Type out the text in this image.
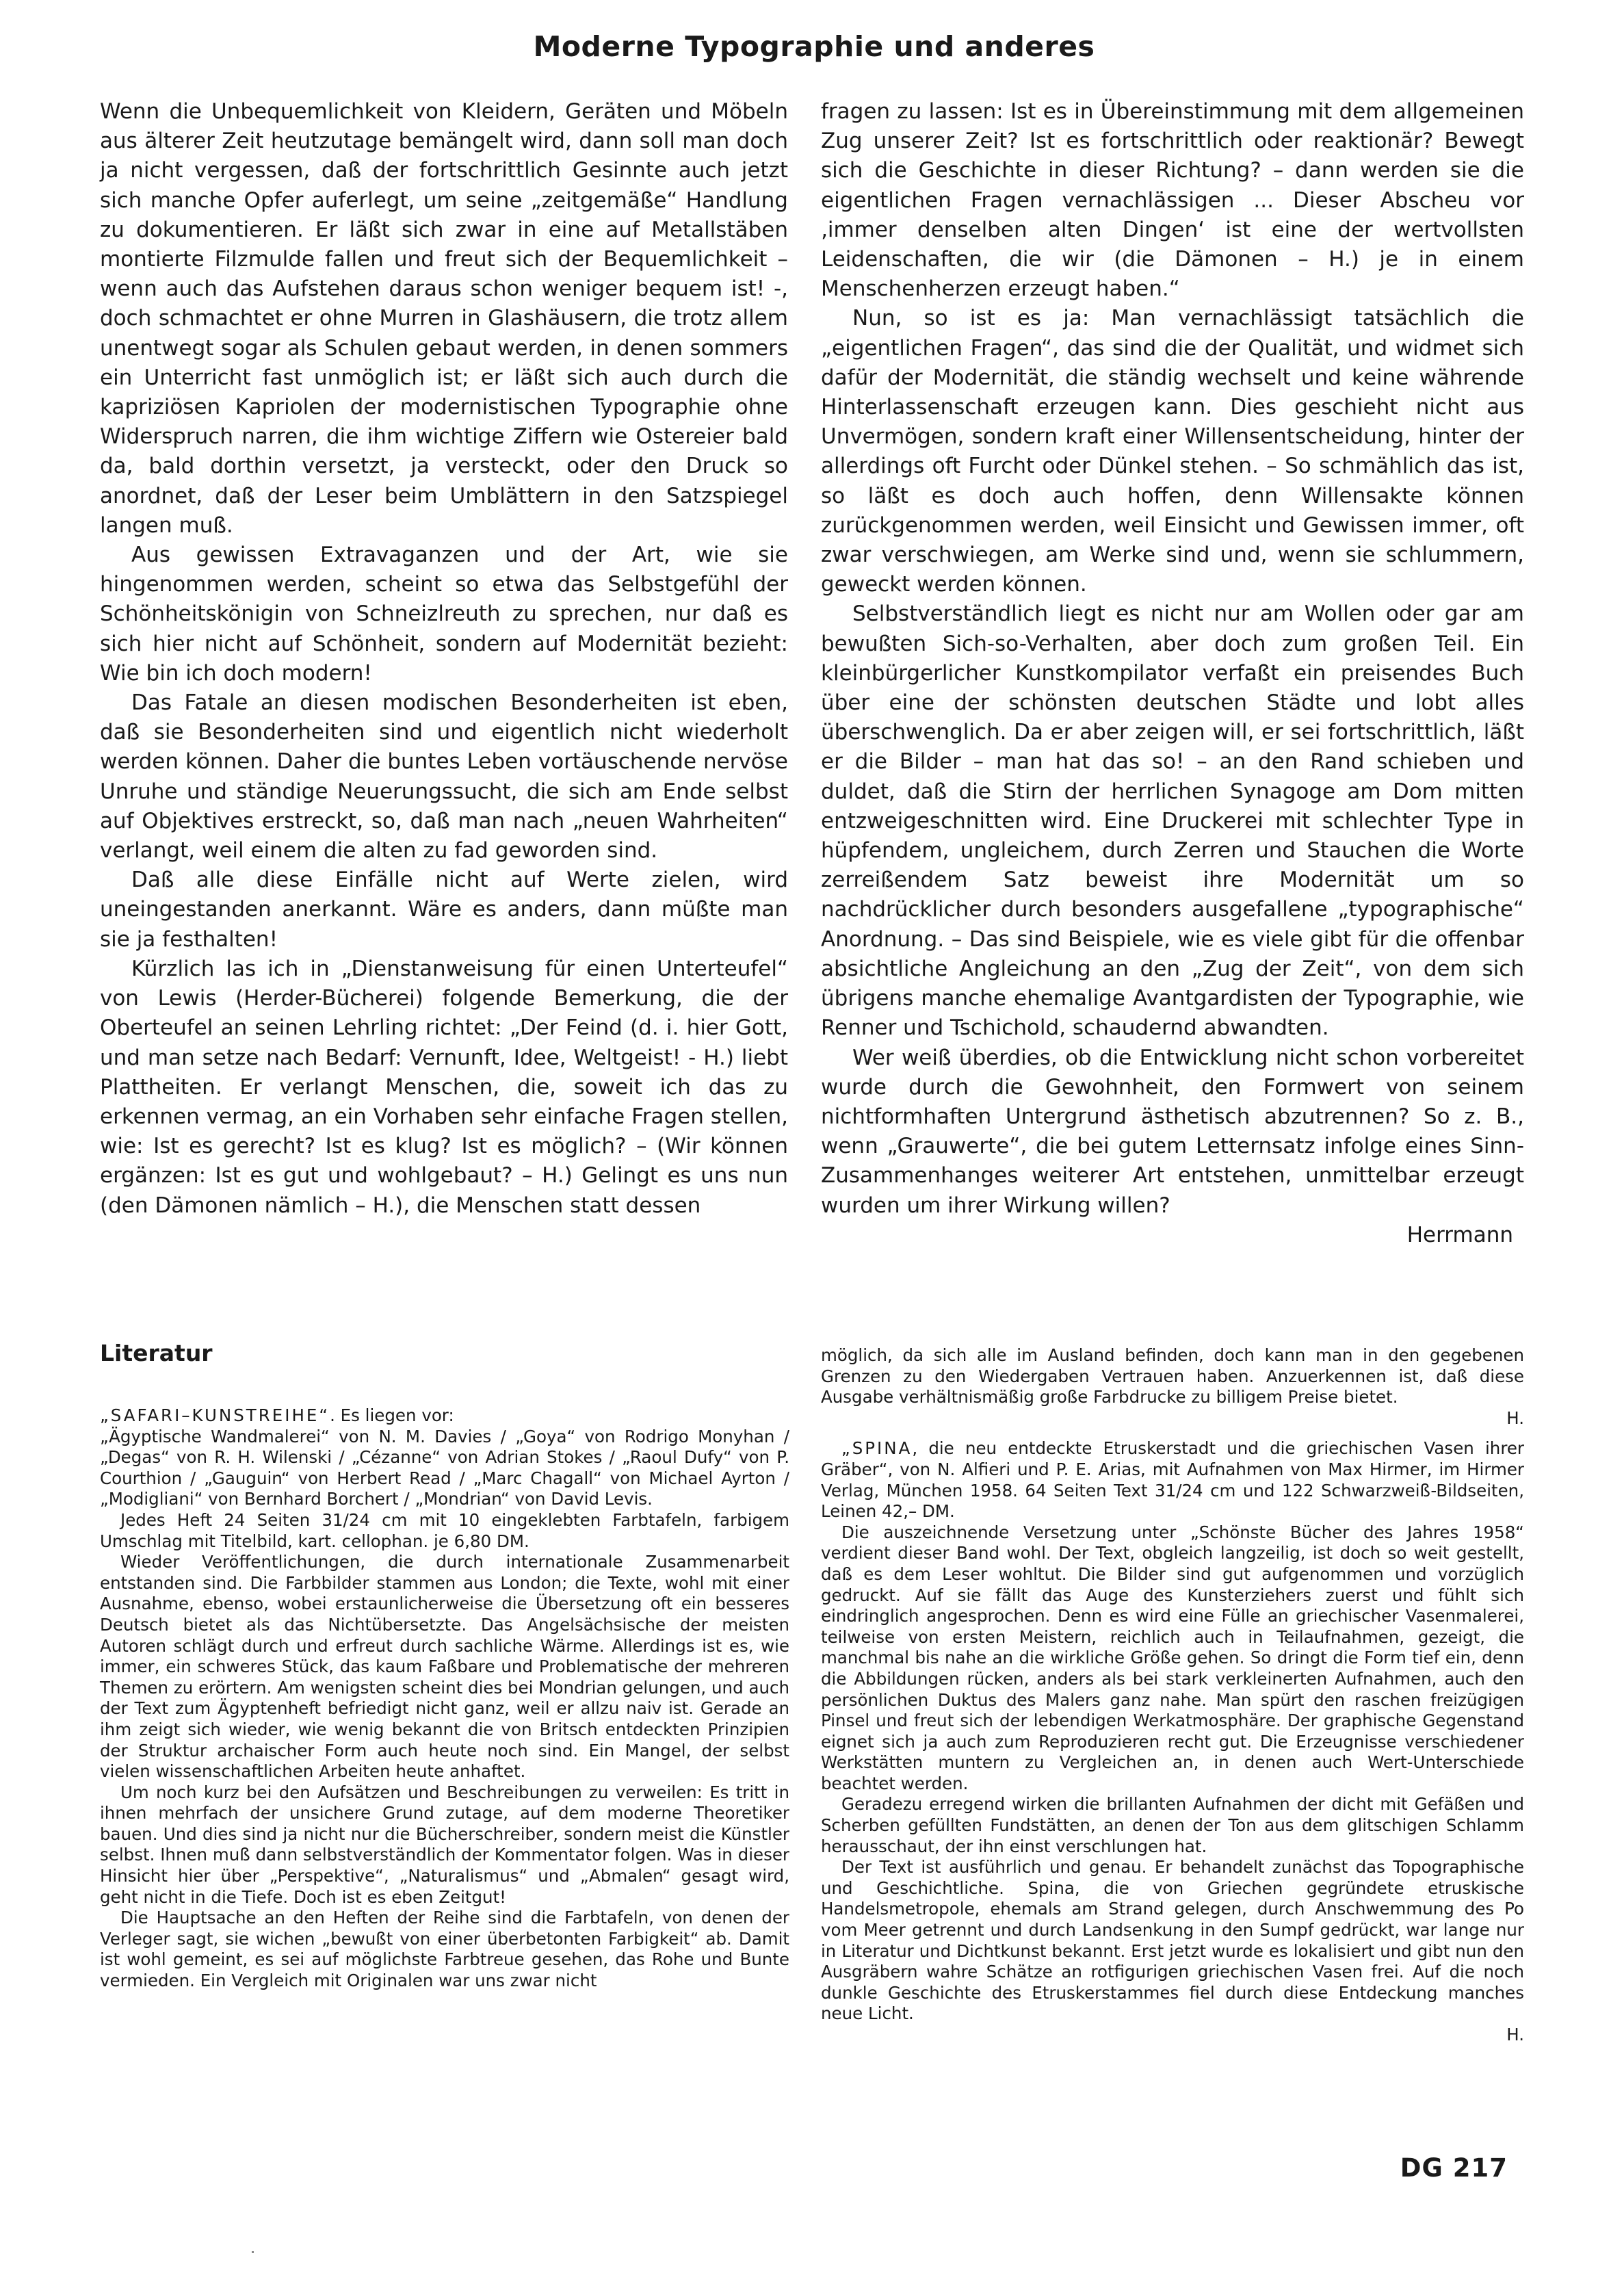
Moderne Typographie und anderes

Wenn die Unbequemlichkeit von Kleidern, Geräten und Möbeln aus älterer Zeit heutzutage bemängelt wird, dann soll man doch ja nicht vergessen, daß der fortschrittlich Gesinnte auch jetzt sich manche Opfer auferlegt, um seine „zeitgemäße“ Handlung zu dokumentieren. Er läßt sich zwar in eine auf Metallstäben montierte Filzmulde fallen und freut sich der Bequemlichkeit – wenn auch das Aufstehen daraus schon weniger bequem ist! -, doch schmachtet er ohne Murren in Glashäusern, die trotz allem unentwegt sogar als Schulen gebaut werden, in denen sommers ein Unterricht fast unmöglich ist; er läßt sich auch durch die kapriziösen Kapriolen der modernistischen Typographie ohne Widerspruch narren, die ihm wichtige Ziffern wie Ostereier bald da, bald dorthin versetzt, ja versteckt, oder den Druck so anordnet, daß der Leser beim Umblättern in den Satzspiegel langen muß.

Aus gewissen Extravaganzen und der Art, wie sie hingenommen werden, scheint so etwa das Selbstgefühl der Schönheitskönigin von Schneizlreuth zu sprechen, nur daß es sich hier nicht auf Schönheit, sondern auf Modernität bezieht: Wie bin ich doch modern!

Das Fatale an diesen modischen Besonderheiten ist eben, daß sie Besonderheiten sind und eigentlich nicht wiederholt werden können. Daher die buntes Leben vortäuschende nervöse Unruhe und ständige Neuerungssucht, die sich am Ende selbst auf Objektives erstreckt, so, daß man nach „neuen Wahrheiten“ verlangt, weil einem die alten zu fad geworden sind.

Daß alle diese Einfälle nicht auf Werte zielen, wird uneingestanden anerkannt. Wäre es anders, dann müßte man sie ja festhalten!

Kürzlich las ich in „Dienstanweisung für einen Unterteufel“ von Lewis (Herder-Bücherei) folgende Bemerkung, die der Oberteufel an seinen Lehrling richtet: „Der Feind (d. i. hier Gott, und man setze nach Bedarf: Vernunft, Idee, Weltgeist! - H.) liebt Plattheiten. Er verlangt Menschen, die, soweit ich das zu erkennen vermag, an ein Vorhaben sehr einfache Fragen stellen, wie: Ist es gerecht? Ist es klug? Ist es möglich? – (Wir können ergänzen: Ist es gut und wohlgebaut? – H.) Gelingt es uns nun (den Dämonen nämlich – H.), die Menschen statt dessen

fragen zu lassen: Ist es in Übereinstimmung mit dem allgemeinen Zug unserer Zeit? Ist es fortschrittlich oder reaktionär? Bewegt sich die Geschichte in dieser Richtung? – dann werden sie die eigentlichen Fragen vernachlässigen ... Dieser Abscheu vor ‚immer denselben alten Dingen‘ ist eine der wertvollsten Leidenschaften, die wir (die Dämonen – H.) je in einem Menschenherzen erzeugt haben.“

Nun, so ist es ja: Man vernachlässigt tatsächlich die „eigentlichen Fragen“, das sind die der Qualität, und widmet sich dafür der Modernität, die ständig wechselt und keine währende Hinterlassenschaft erzeugen kann. Dies geschieht nicht aus Unvermögen, sondern kraft einer Willensentscheidung, hinter der allerdings oft Furcht oder Dünkel stehen. – So schmählich das ist, so läßt es doch auch hoffen, denn Willensakte können zurückgenommen werden, weil Einsicht und Gewissen immer, oft zwar verschwiegen, am Werke sind und, wenn sie schlummern, geweckt werden können.

Selbstverständlich liegt es nicht nur am Wollen oder gar am bewußten Sich-so-Verhalten, aber doch zum großen Teil. Ein kleinbürgerlicher Kunstkompilator verfaßt ein preisendes Buch über eine der schönsten deutschen Städte und lobt alles überschwenglich. Da er aber zeigen will, er sei fortschrittlich, läßt er die Bilder – man hat das so! – an den Rand schieben und duldet, daß die Stirn der herrlichen Synagoge am Dom mitten entzweigeschnitten wird. Eine Druckerei mit schlechter Type in hüpfendem, ungleichem, durch Zerren und Stauchen die Worte zerreißendem Satz beweist ihre Modernität um so nachdrücklicher durch besonders ausgefallene „typographische“ Anordnung. – Das sind Beispiele, wie es viele gibt für die offenbar absichtliche Angleichung an den „Zug der Zeit“, von dem sich übrigens manche ehemalige Avantgardisten der Typographie, wie Renner und Tschichold, schaudernd abwandten.

Wer weiß überdies, ob die Entwicklung nicht schon vorbereitet wurde durch die Gewohnheit, den Formwert von seinem nichtformhaften Untergrund ästhetisch abzutrennen? So z. B., wenn „Grauwerte“, die bei gutem Letternsatz infolge eines Sinn-Zusammenhanges weiterer Art entstehen, unmittelbar erzeugt wurden um ihrer Wirkung willen?

Herrmann
Literatur

„SAFARI–KUNSTREIHE“. Es liegen vor:

„Ägyptische Wandmalerei“ von N. M. Davies / „Goya“ von Rodrigo Monyhan / „Degas“ von R. H. Wilenski / „Cézanne“ von Adrian Stokes / „Raoul Dufy“ von P. Courthion / „Gauguin“ von Herbert Read / „Marc Chagall“ von Michael Ayrton / „Modigliani“ von Bernhard Borchert / „Mondrian“ von David Levis.

Jedes Heft 24 Seiten 31/24 cm mit 10 eingeklebten Farbtafeln, farbigem Umschlag mit Titelbild, kart. cellophan. je 6,80 DM.

Wieder Veröffentlichungen, die durch internationale Zusammenarbeit entstanden sind. Die Farbbilder stammen aus London; die Texte, wohl mit einer Ausnahme, ebenso, wobei erstaunlicherweise die Übersetzung oft ein besseres Deutsch bietet als das Nichtübersetzte. Das Angelsächsische der meisten Autoren schlägt durch und erfreut durch sachliche Wärme. Allerdings ist es, wie immer, ein schweres Stück, das kaum Faßbare und Problematische der mehreren Themen zu erörtern. Am wenigsten scheint dies bei Mondrian gelungen, und auch der Text zum Ägyptenheft befriedigt nicht ganz, weil er allzu naiv ist. Gerade an ihm zeigt sich wieder, wie wenig bekannt die von Britsch entdeckten Prinzipien der Struktur archaischer Form auch heute noch sind. Ein Mangel, der selbst vielen wissenschaftlichen Arbeiten heute anhaftet.

Um noch kurz bei den Aufsätzen und Beschreibungen zu verweilen: Es tritt in ihnen mehrfach der unsichere Grund zutage, auf dem moderne Theoretiker bauen. Und dies sind ja nicht nur die Bücherschreiber, sondern meist die Künstler selbst. Ihnen muß dann selbstverständlich der Kommentator folgen. Was in dieser Hinsicht hier über „Perspektive“, „Naturalismus“ und „Abmalen“ gesagt wird, geht nicht in die Tiefe. Doch ist es eben Zeitgut!

Die Hauptsache an den Heften der Reihe sind die Farbtafeln, von denen der Verleger sagt, sie wichen „bewußt von einer überbetonten Farbigkeit“ ab. Damit ist wohl gemeint, es sei auf möglichste Farbtreue gesehen, das Rohe und Bunte vermieden. Ein Vergleich mit Originalen war uns zwar nicht

möglich, da sich alle im Ausland befinden, doch kann man in den gegebenen Grenzen zu den Wiedergaben Vertrauen haben. Anzuerkennen ist, daß diese Ausgabe verhältnismäßig große Farbdrucke zu billigem Preise bietet.
H.

„SPINA, die neu entdeckte Etruskerstadt und die griechischen Vasen ihrer Gräber“, von N. Alfieri und P. E. Arias, mit Aufnahmen von Max Hirmer, im Hirmer Verlag, München 1958. 64 Seiten Text 31/24 cm und 122 Schwarzweiß-Bildseiten, Leinen 42,– DM.

Die auszeichnende Versetzung unter „Schönste Bücher des Jahres 1958“ verdient dieser Band wohl. Der Text, obgleich langzeilig, ist doch so weit gestellt, daß es dem Leser wohltut. Die Bilder sind gut aufgenommen und vorzüglich gedruckt. Auf sie fällt das Auge des Kunsterziehers zuerst und fühlt sich eindringlich angesprochen. Denn es wird eine Fülle an griechischer Vasenmalerei, teilweise von ersten Meistern, reichlich auch in Teilaufnahmen, gezeigt, die manchmal bis nahe an die wirkliche Größe gehen. So dringt die Form tief ein, denn die Abbildungen rücken, anders als bei stark verkleinerten Aufnahmen, auch den persönlichen Duktus des Malers ganz nahe. Man spürt den raschen freizügigen Pinsel und freut sich der lebendigen Werkatmosphäre. Der graphische Gegenstand eignet sich ja auch zum Reproduzieren recht gut. Die Erzeugnisse verschiedener Werkstätten muntern zu Vergleichen an, in denen auch Wert-Unterschiede beachtet werden.

Geradezu erregend wirken die brillanten Aufnahmen der dicht mit Gefäßen und Scherben gefüllten Fundstätten, an denen der Ton aus dem glitschigen Schlamm herausschaut, der ihn einst verschlungen hat.

Der Text ist ausführlich und genau. Er behandelt zunächst das Topographische und Geschichtliche. Spina, die von Griechen gegründete etruskische Handelsmetropole, ehemals am Strand gelegen, durch Anschwemmung des Po vom Meer getrennt und durch Landsenkung in den Sumpf gedrückt, war lange nur in Literatur und Dichtkunst bekannt. Erst jetzt wurde es lokalisiert und gibt nun den Ausgräbern wahre Schätze an rotfigurigen griechischen Vasen frei. Auf die noch dunkle Geschichte des Etruskerstammes fiel durch diese Entdeckung manches neue Licht.
H.

DG 217
